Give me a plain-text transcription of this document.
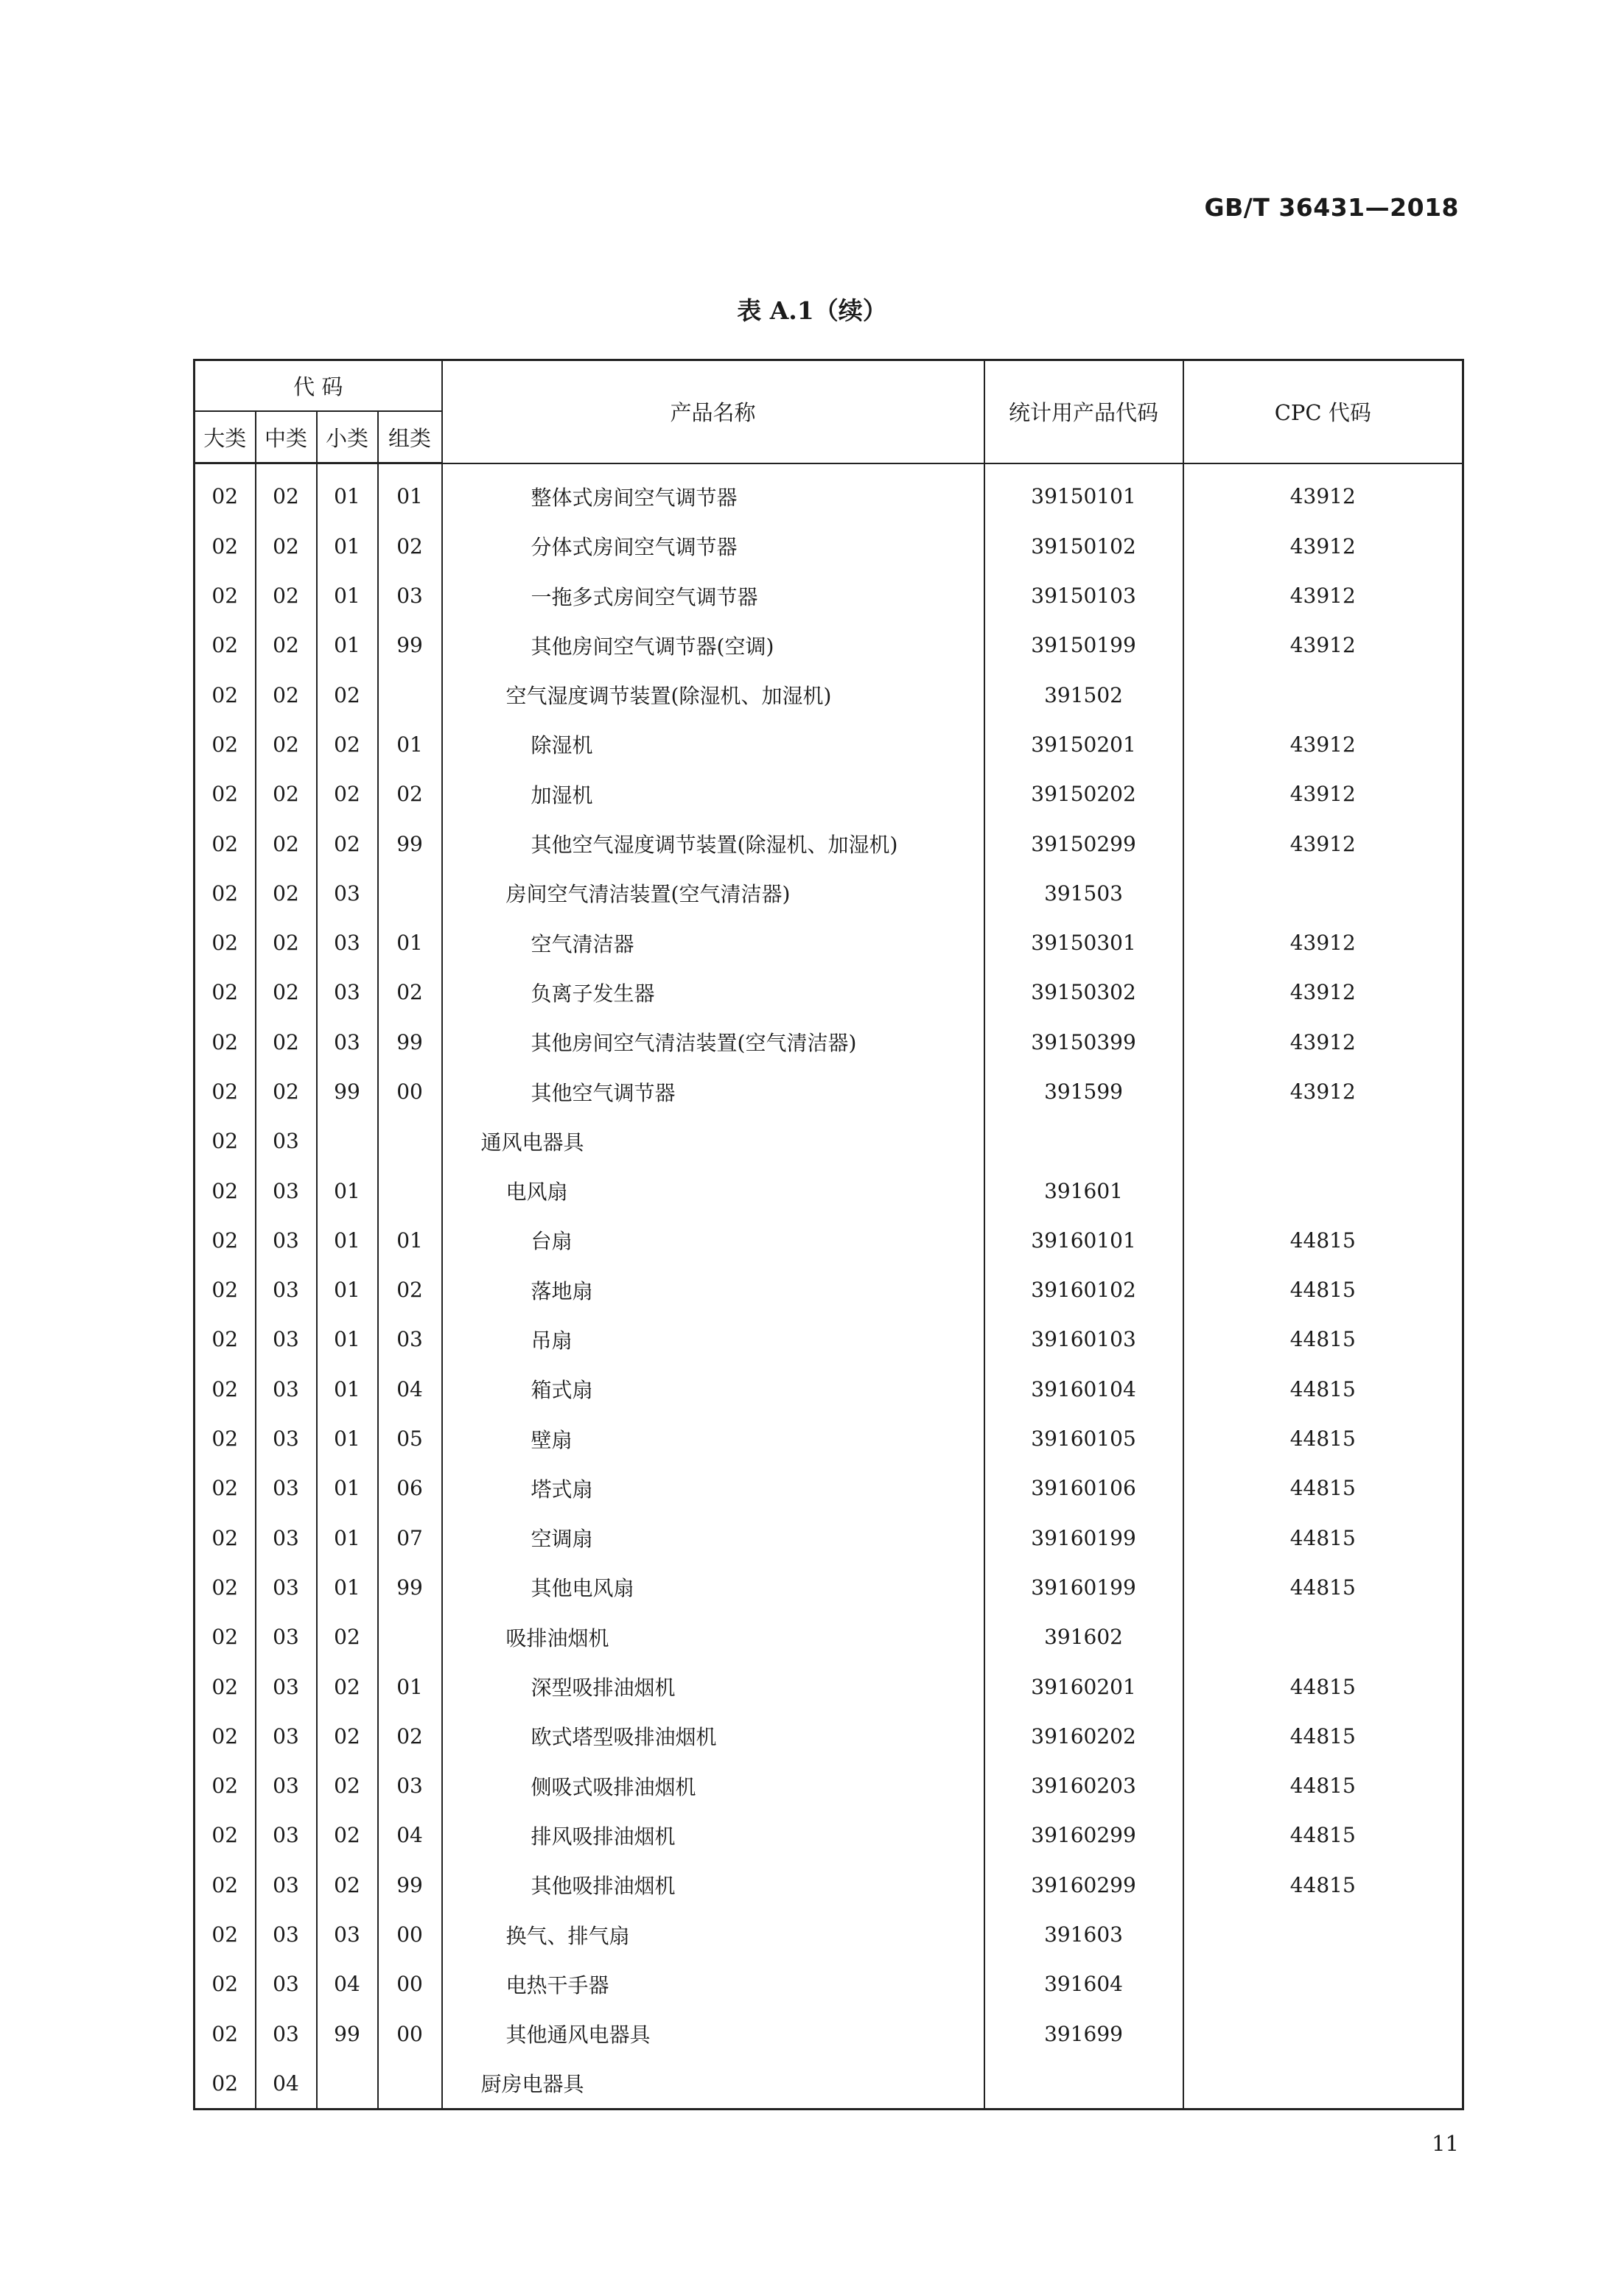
GB/T 36431—2018
表 A.1（续）
代 码				产品名称	统计用产品代码	CPC 代码
大类	中类	小类	组类			
02	02	01	01	整体式房间空气调节器	39150101	43912
02	02	01	02	分体式房间空气调节器	39150102	43912
02	02	01	03	一拖多式房间空气调节器	39150103	43912
02	02	01	99	其他房间空气调节器(空调)	39150199	43912
02	02	02		空气湿度调节装置(除湿机、加湿机)	391502	
02	02	02	01	除湿机	39150201	43912
02	02	02	02	加湿机	39150202	43912
02	02	02	99	其他空气湿度调节装置(除湿机、加湿机)	39150299	43912
02	02	03		房间空气清洁装置(空气清洁器)	391503	
02	02	03	01	空气清洁器	39150301	43912
02	02	03	02	负离子发生器	39150302	43912
02	02	03	99	其他房间空气清洁装置(空气清洁器)	39150399	43912
02	02	99	00	其他空气调节器	391599	43912
02	03			通风电器具		
02	03	01		电风扇	391601	
02	03	01	01	台扇	39160101	44815
02	03	01	02	落地扇	39160102	44815
02	03	01	03	吊扇	39160103	44815
02	03	01	04	箱式扇	39160104	44815
02	03	01	05	壁扇	39160105	44815
02	03	01	06	塔式扇	39160106	44815
02	03	01	07	空调扇	39160199	44815
02	03	01	99	其他电风扇	39160199	44815
02	03	02		吸排油烟机	391602	
02	03	02	01	深型吸排油烟机	39160201	44815
02	03	02	02	欧式塔型吸排油烟机	39160202	44815
02	03	02	03	侧吸式吸排油烟机	39160203	44815
02	03	02	04	排风吸排油烟机	39160299	44815
02	03	02	99	其他吸排油烟机	39160299	44815
02	03	03	00	换气、排气扇	391603	
02	03	04	00	电热干手器	391604	
02	03	99	00	其他通风电器具	391699	
02	04			厨房电器具		
11
